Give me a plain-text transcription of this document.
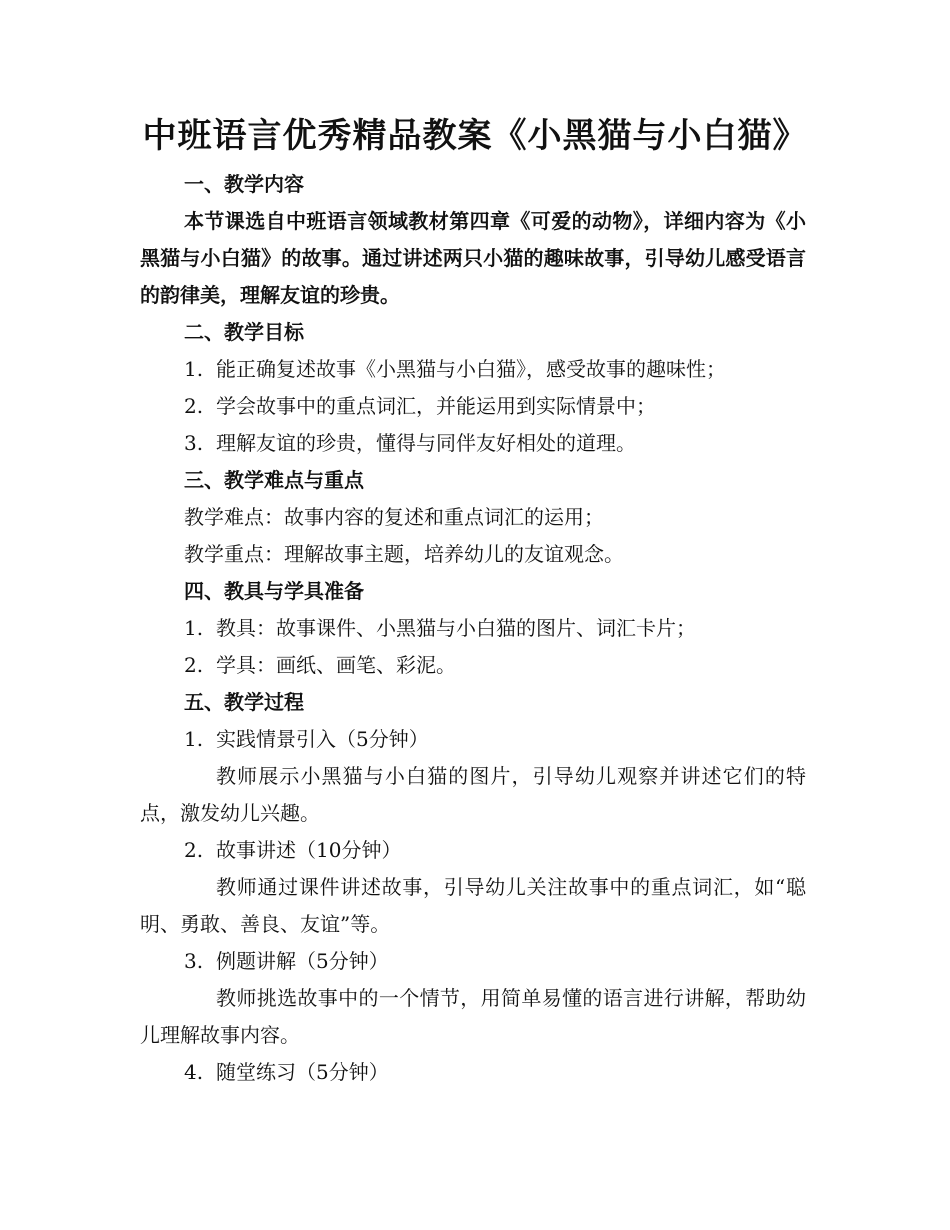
中班语言优秀精品教案《小黑猫与小白猫》

一、教学内容

本节课选自中班语言领域教材第四章《可爱的动物》，详细内容为《小黑猫与小白猫》的故事。通过讲述两只小猫的趣味故事，引导幼儿感受语言的韵律美，理解友谊的珍贵。

二、教学目标

1. 能正确复述故事《小黑猫与小白猫》，感受故事的趣味性；

2. 学会故事中的重点词汇，并能运用到实际情景中；

3. 理解友谊的珍贵，懂得与同伴友好相处的道理。

三、教学难点与重点

教学难点：故事内容的复述和重点词汇的运用；

教学重点：理解故事主题，培养幼儿的友谊观念。

四、教具与学具准备

1. 教具：故事课件、小黑猫与小白猫的图片、词汇卡片；

2. 学具：画纸、画笔、彩泥。

五、教学过程

1. 实践情景引入（5分钟）

教师展示小黑猫与小白猫的图片，引导幼儿观察并讲述它们的特点，激发幼儿兴趣。

2. 故事讲述（10分钟）

教师通过课件讲述故事，引导幼儿关注故事中的重点词汇，如“聪明、勇敢、善良、友谊”等。

3. 例题讲解（5分钟）

教师挑选故事中的一个情节，用简单易懂的语言进行讲解，帮助幼儿理解故事内容。

4. 随堂练习（5分钟）
